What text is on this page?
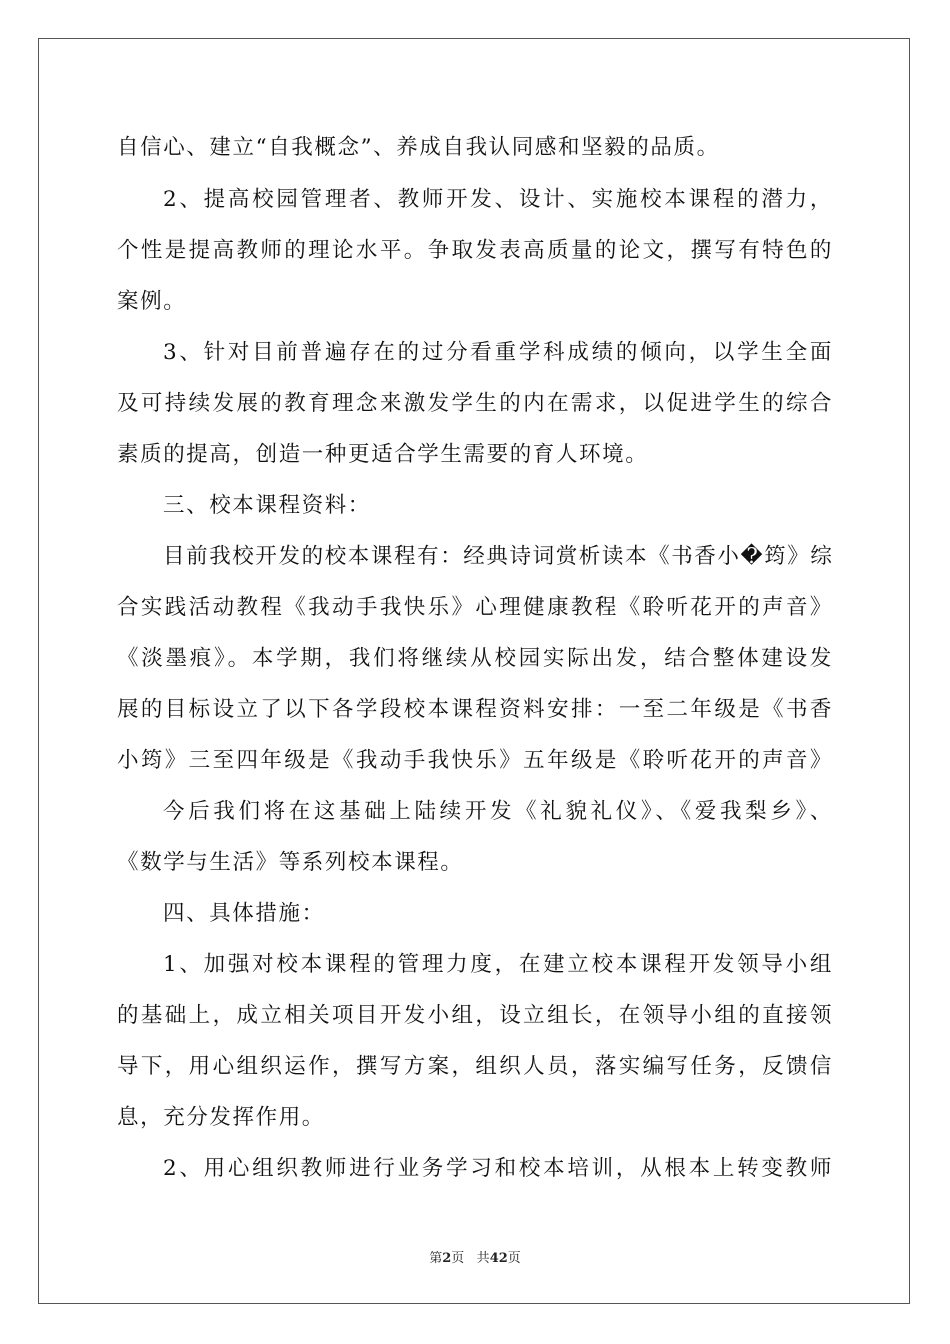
自信心、建立“自我概念”、养成自我认同感和坚毅的品质。
2、提高校园管理者、教师开发、设计、实施校本课程的潜力，
个性是提高教师的理论水平。争取发表高质量的论文，撰写有特色的
案例。
3、针对目前普遍存在的过分看重学科成绩的倾向，以学生全面
及可持续发展的教育理念来激发学生的内在需求，以促进学生的综合
素质的提高，创造一种更适合学生需要的育人环境。
三、校本课程资料：
目前我校开发的校本课程有：经典诗词赏析读本《书香小�筠》综
合实践活动教程《我动手我快乐》心理健康教程《聆听花开的声音》
《淡墨痕》。本学期，我们将继续从校园实际出发，结合整体建设发
展的目标设立了以下各学段校本课程资料安排：一至二年级是《书香
小筠》三至四年级是《我动手我快乐》五年级是《聆听花开的声音》
今后我们将在这基础上陆续开发《礼貌礼仪》、《爱我梨乡》、
《数学与生活》等系列校本课程。
四、具体措施：
1、加强对校本课程的管理力度，在建立校本课程开发领导小组
的基础上，成立相关项目开发小组，设立组长，在领导小组的直接领
导下，用心组织运作，撰写方案，组织人员，落实编写任务，反馈信
息，充分发挥作用。
2、用心组织教师进行业务学习和校本培训，从根本上转变教师
第2页 共42页
